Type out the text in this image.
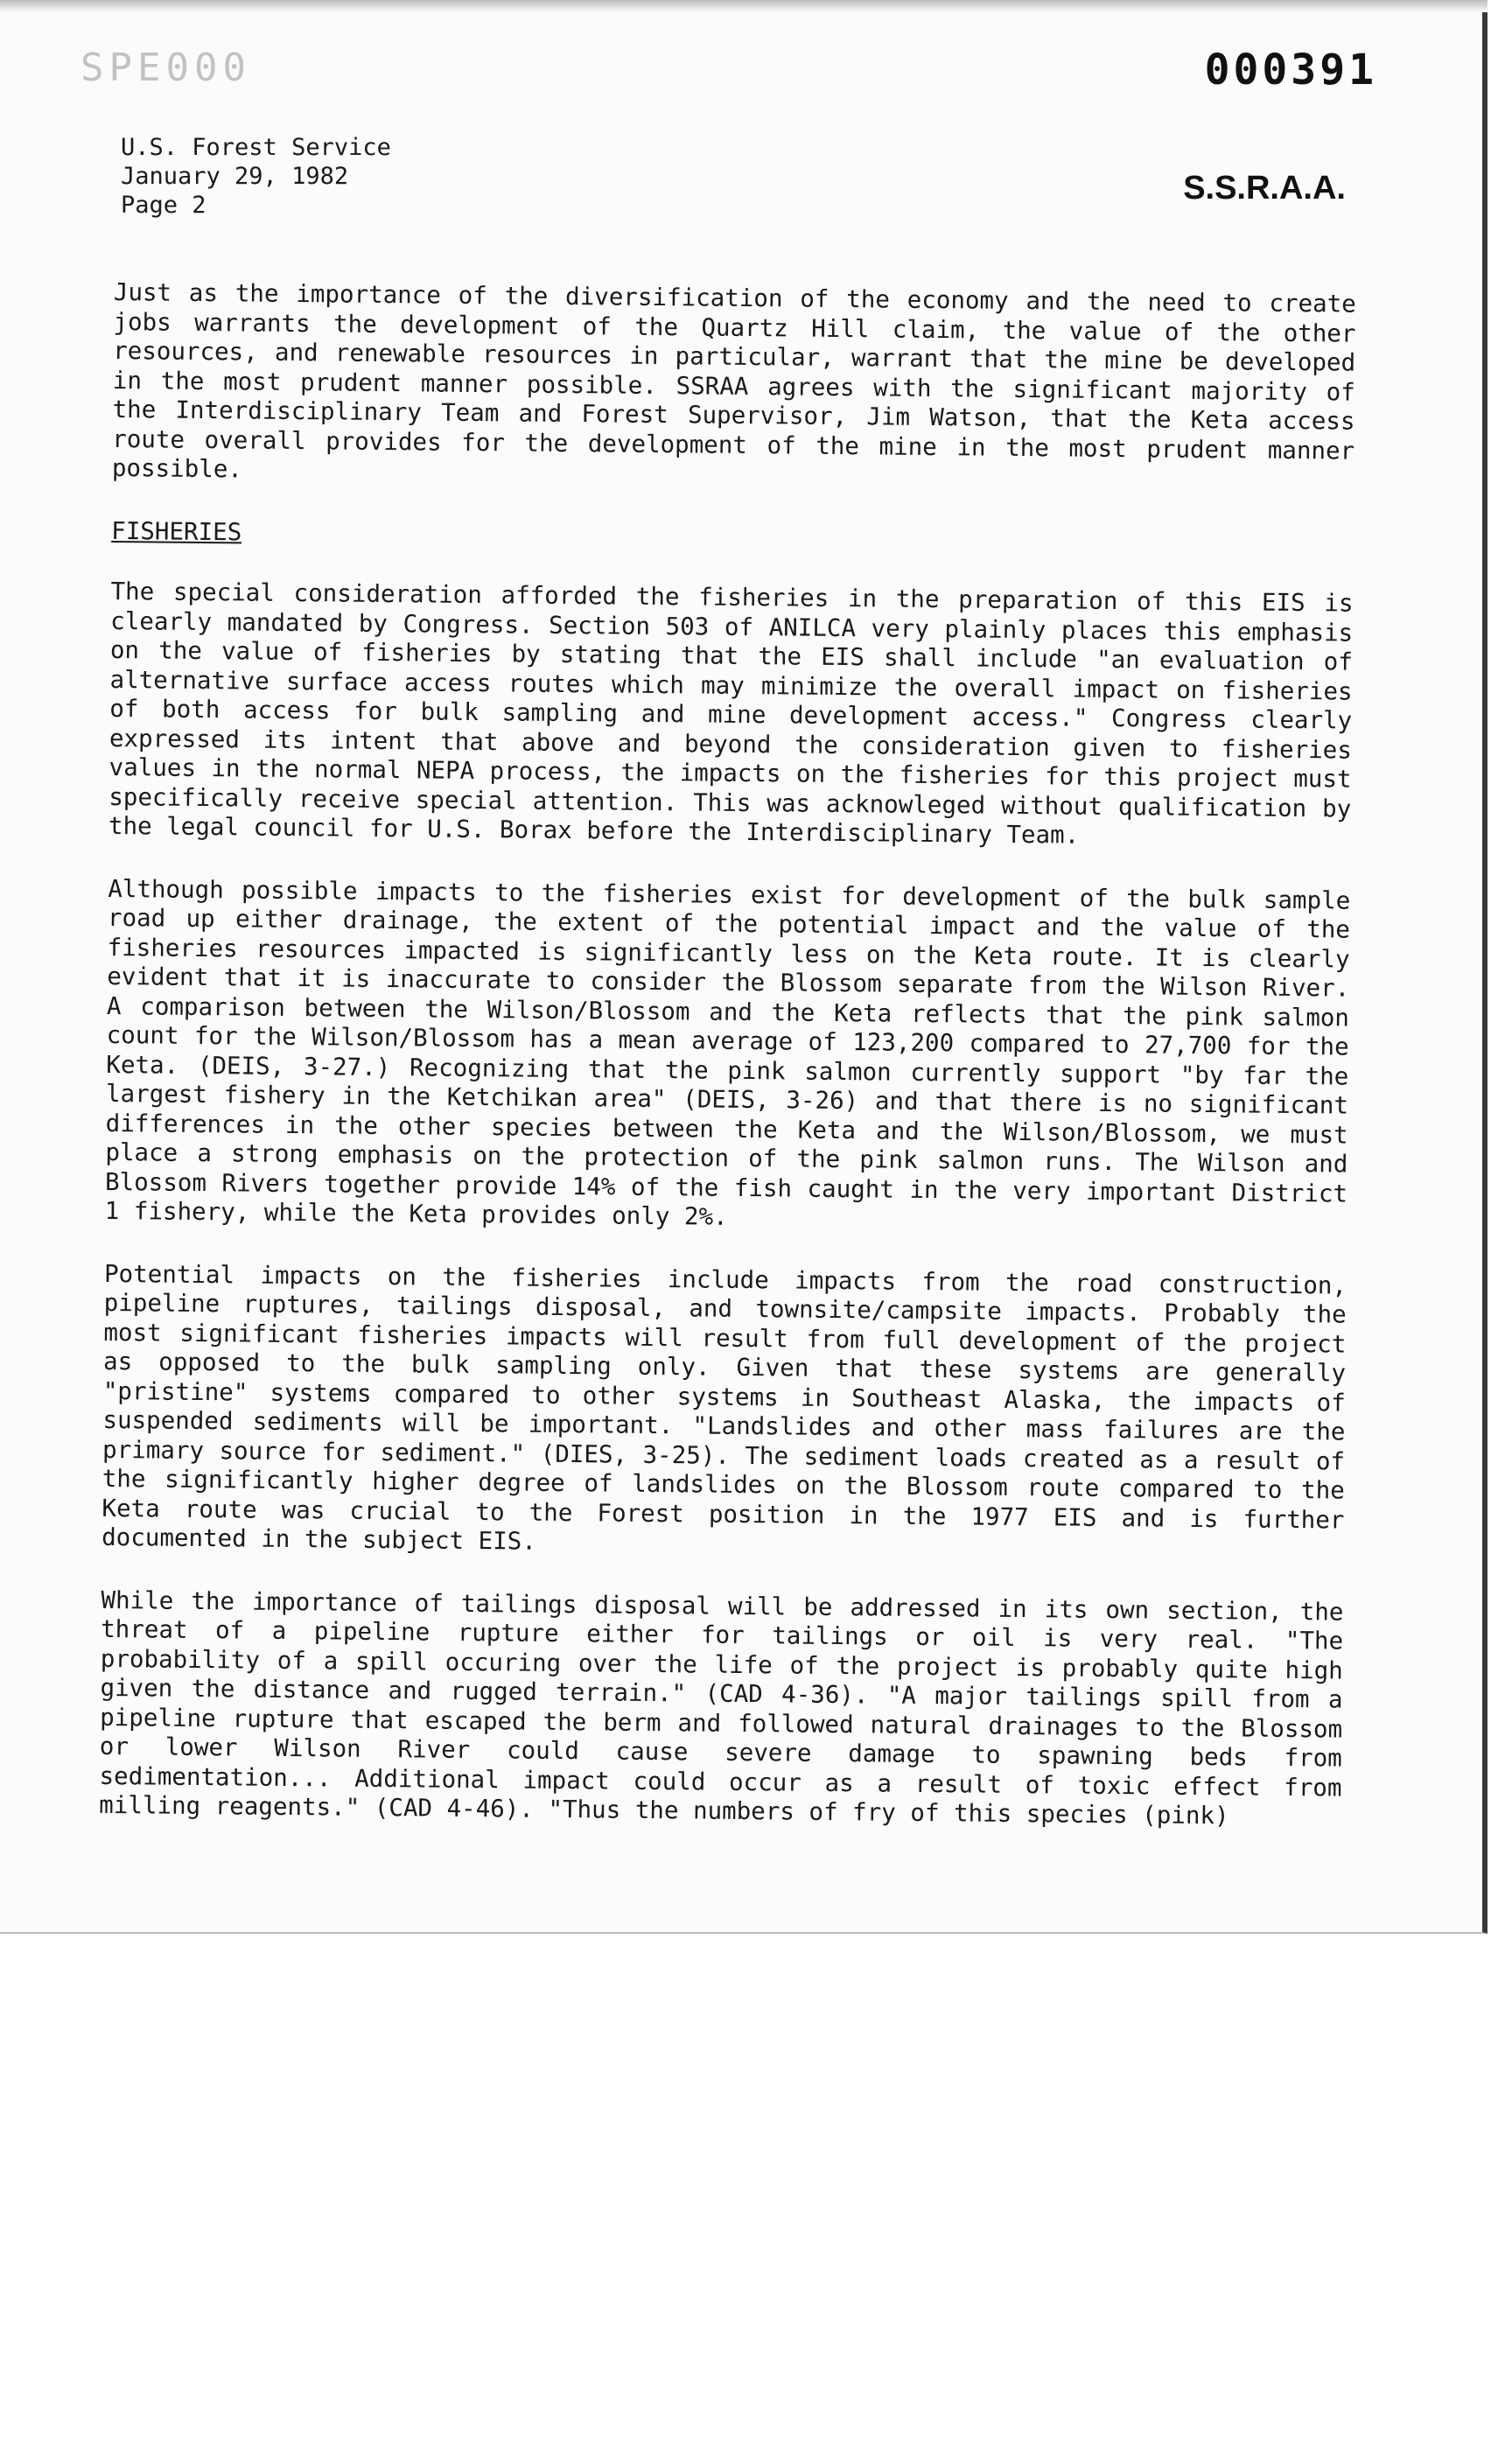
SPE000	000391
U.S. Forest Service
January 29, 1982
Page 2	S.S.R.A.A.

Just as the importance of the diversification of the economy and the need to create jobs warrants the development of the Quartz Hill claim, the value of the other resources, and renewable resources in particular, warrant that the mine be developed in the most prudent manner possible. SSRAA agrees with the significant majority of the Interdisciplinary Team and Forest Supervisor, Jim Watson, that the Keta access route overall provides for the development of the mine in the most prudent manner possible.

FISHERIES

The special consideration afforded the fisheries in the preparation of this EIS is clearly mandated by Congress. Section 503 of ANILCA very plainly places this emphasis on the value of fisheries by stating that the EIS shall include "an evaluation of alternative surface access routes which may minimize the overall impact on fisheries of both access for bulk sampling and mine development access." Congress clearly expressed its intent that above and beyond the consideration given to fisheries values in the normal NEPA process, the impacts on the fisheries for this project must specifically receive special attention. This was acknowleged without qualification by the legal council for U.S. Borax before the Interdisciplinary Team.

Although possible impacts to the fisheries exist for development of the bulk sample road up either drainage, the extent of the potential impact and the value of the fisheries resources impacted is significantly less on the Keta route. It is clearly evident that it is inaccurate to consider the Blossom separate from the Wilson River. A comparison between the Wilson/Blossom and the Keta reflects that the pink salmon count for the Wilson/Blossom has a mean average of 123,200 compared to 27,700 for the Keta. (DEIS, 3-27.) Recognizing that the pink salmon currently support "by far the largest fishery in the Ketchikan area" (DEIS, 3-26) and that there is no significant differences in the other species between the Keta and the Wilson/Blossom, we must place a strong emphasis on the protection of the pink salmon runs. The Wilson and Blossom Rivers together provide 14% of the fish caught in the very important District 1 fishery, while the Keta provides only 2%.

Potential impacts on the fisheries include impacts from the road construction, pipeline ruptures, tailings disposal, and townsite/campsite impacts. Probably the most significant fisheries impacts will result from full development of the project as opposed to the bulk sampling only. Given that these systems are generally "pristine" systems compared to other systems in Southeast Alaska, the impacts of suspended sediments will be important. "Landslides and other mass failures are the primary source for sediment." (DIES, 3-25). The sediment loads created as a result of the significantly higher degree of landslides on the Blossom route compared to the Keta route was crucial to the Forest position in the 1977 EIS and is further documented in the subject EIS.

While the importance of tailings disposal will be addressed in its own section, the threat of a pipeline rupture either for tailings or oil is very real. "The probability of a spill occuring over the life of the project is probably quite high given the distance and rugged terrain." (CAD 4-36). "A major tailings spill from a pipeline rupture that escaped the berm and followed natural drainages to the Blossom or lower Wilson River could cause severe damage to spawning beds from sedimentation... Additional impact could occur as a result of toxic effect from milling reagents." (CAD 4-46). "Thus the numbers of fry of this species (pink)
